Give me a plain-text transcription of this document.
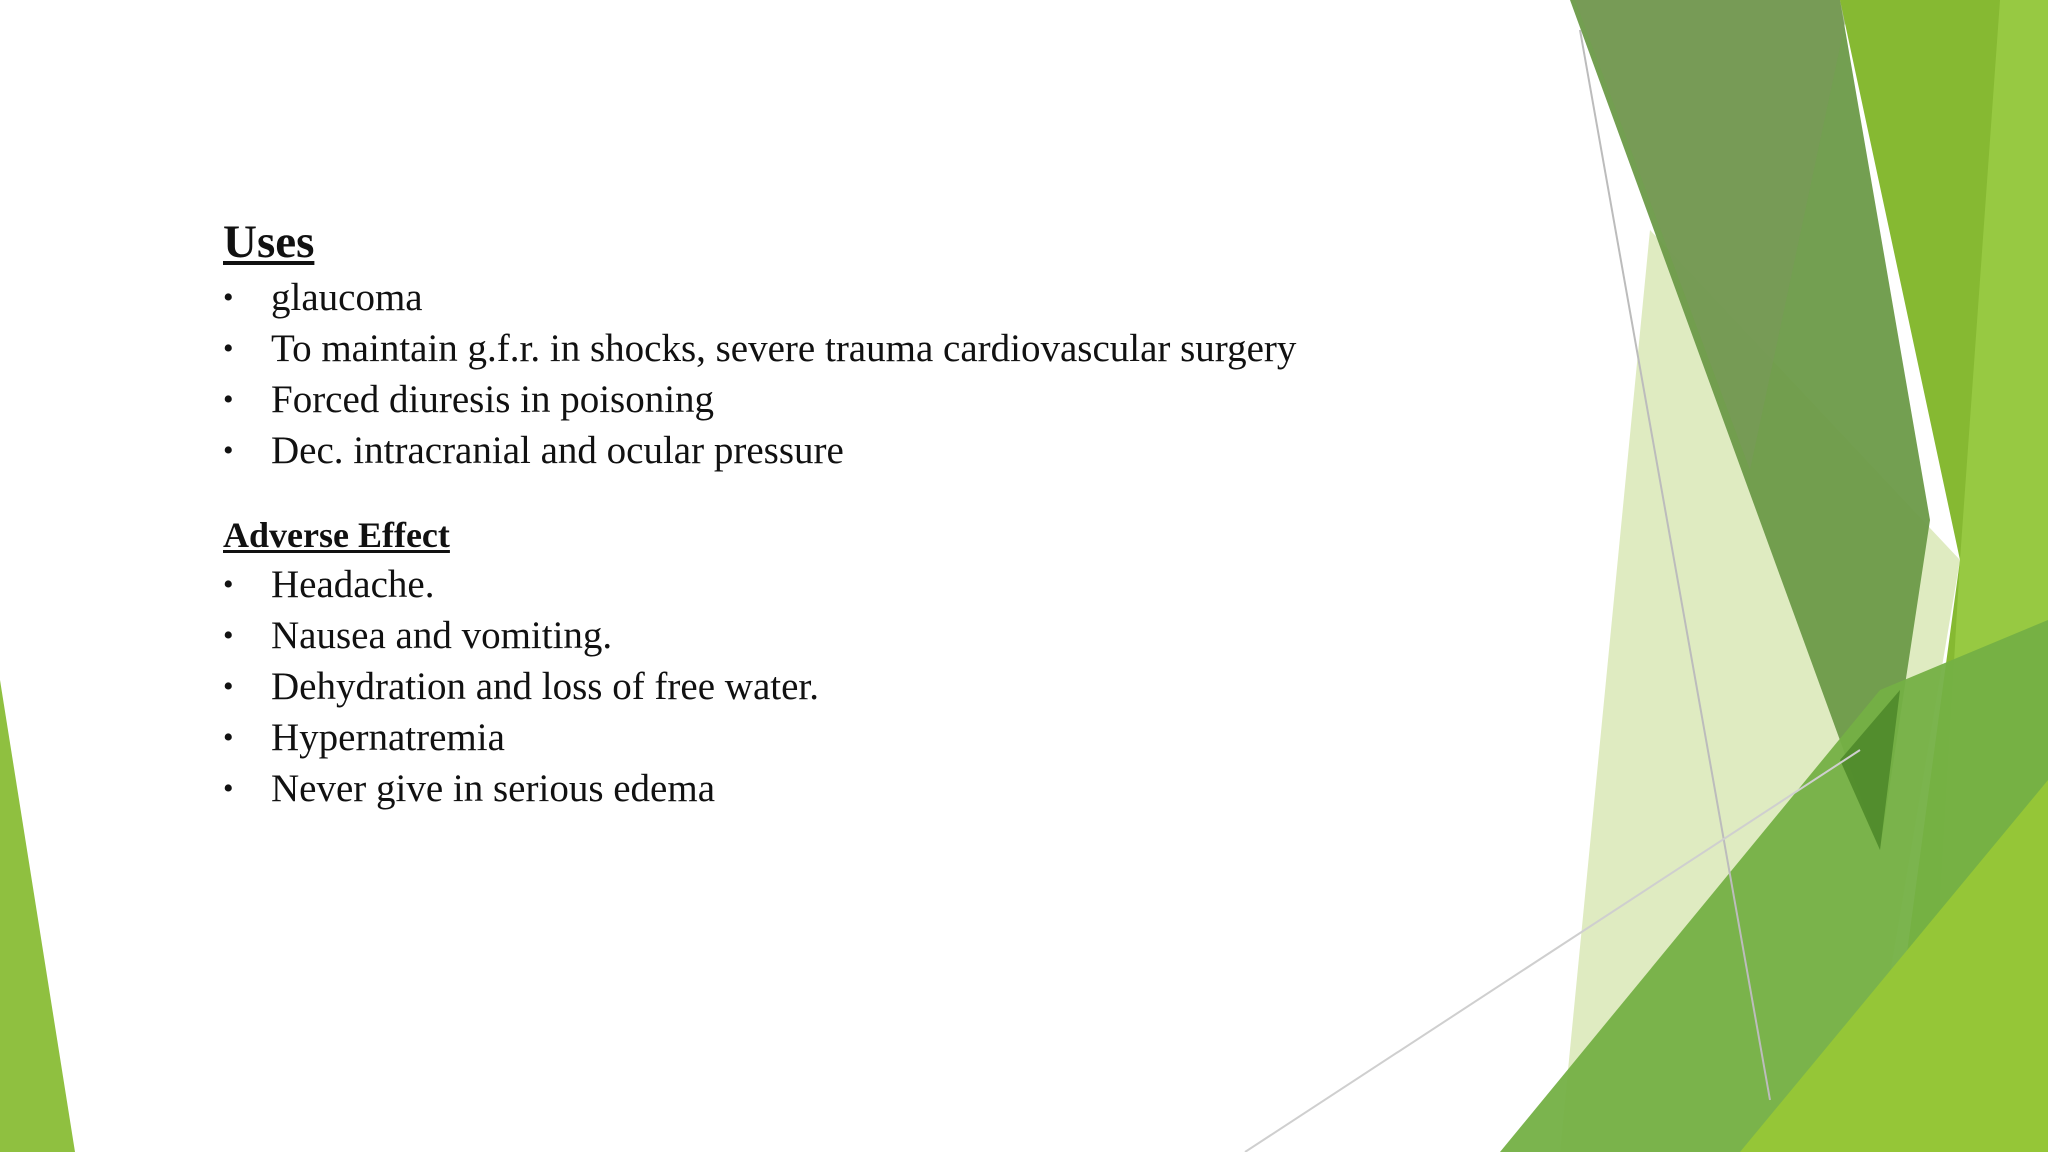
Uses
• glaucoma
• To maintain g.f.r. in shocks, severe trauma cardiovascular surgery
• Forced diuresis in poisoning
• Dec. intracranial and ocular pressure
Adverse Effect
• Headache.
• Nausea and vomiting.
• Dehydration and loss of free water.
• Hypernatremia
• Never give in serious edema
